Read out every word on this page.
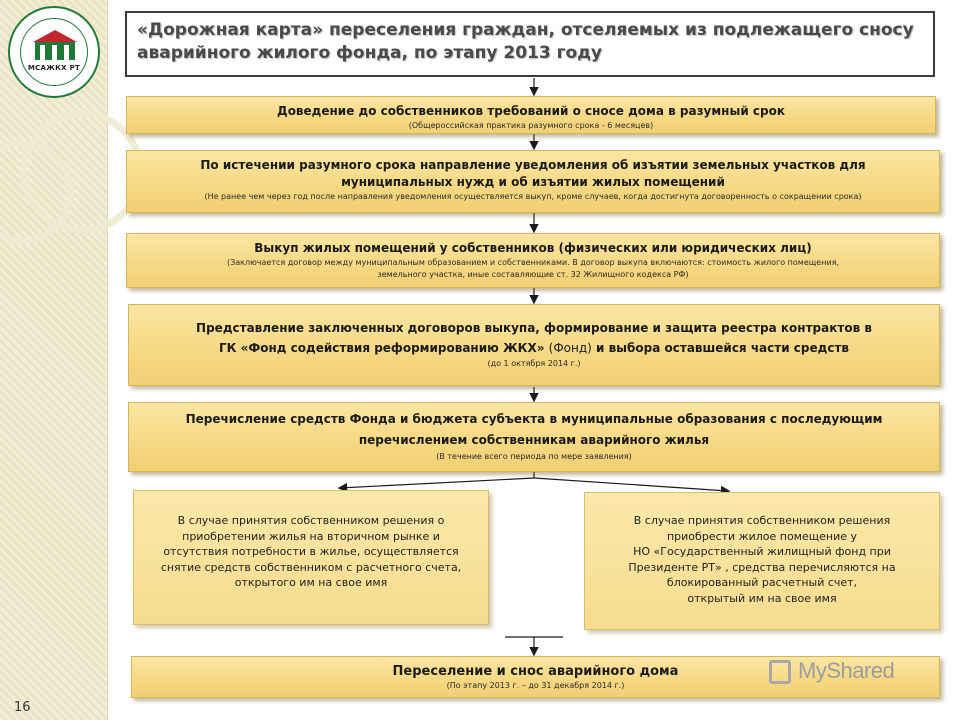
МСАЖКХ РТ
16
«Дорожная карта» переселения граждан, отселяемых из подлежащего сносу
аварийного жилого фонда, по этапу 2013 году
Доведение до собственников требований о сносе дома в разумный срок
(Общероссийская практика разумного срока - 6 месяцев)
По истечении разумного срока направление уведомления об изъятии земельных участков для
муниципальных нужд и об изъятии жилых помещений
(Не ранее чем через год после направления уведомления осуществляется выкуп, кроме случаев, когда достигнута договоренность о сокращении срока)
Выкуп жилых помещений у собственников (физических или юридических лиц)
(Заключается договор между муниципальным образованием и собственниками. В договор выкупа включаются: стоимость жилого помещения,
земельного участка, иные составляющие ст. 32 Жилищного кодекса РФ)
Представление заключенных договоров выкупа, формирование и защита реестра контрактов в
ГК «Фонд содействия реформированию ЖКХ» (Фонд) и выбора оставшейся части средств
(до 1 октября 2014 г.)
Перечисление средств Фонда и бюджета субъекта в муниципальные образования с последующим
перечислением собственникам аварийного жилья
(В течение всего периода по мере заявления)
В случае принятия собственником решения о
приобретении жилья на вторичном рынке и
отсутствия потребности в жилье, осуществляется
снятие средств собственником с расчетного счета,
открытого им на свое имя
В случае принятия собственником решения
приобрести жилое помещение у
НО «Государственный жилищный фонд при
Президенте РТ» , средства перечисляются на
блокированный расчетный счет,
открытый им на свое имя
Переселение и снос аварийного дома
(По этапу 2013 г. – до 31 декабря 2014 г.)
MyShared
